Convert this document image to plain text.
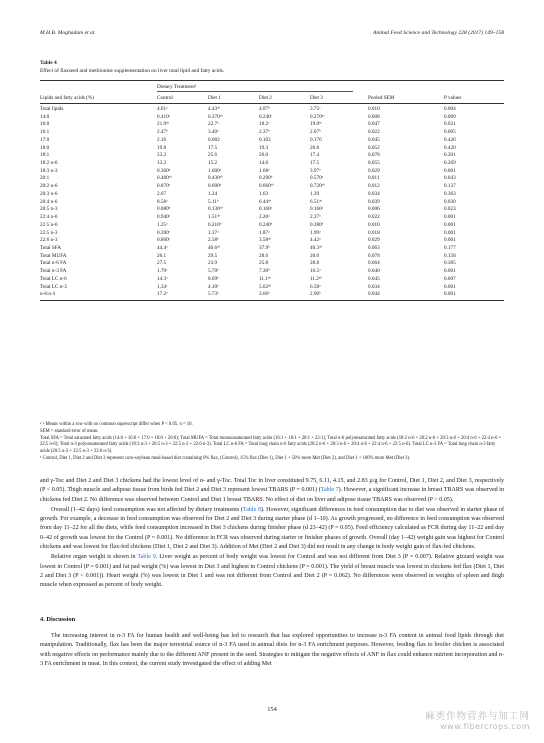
M.H.B. Moghadam et al.	Animal Feed Science and Technology 228 (2017) 149–158
Table 4
Effect of flaxseed and methionine supplementation on liver total lipid and fatty acids.
Dietary Treatment¹
Lipids and fatty acids (%)	Control	Diet 1	Diet 2	Diet 3	Pooled SEM	P values
Total lipids	4.61ᵃ	4.43ᵃᵇ	4.07ᵇ	3.75ᶜ	0.010	0.004
14:0	0.410ᵃ	0.370ᵃᵇ	0.240ᶜ	0.270ᵇᶜ	0.008	0.009
16:0	21.9ᵃᵇ	22.7ᵃ	18.2ᶜ	19.0ᵇᶜ	0.047	0.021
16:1	2.47ᵇ	3.40ᵃ	2.37ᵇ	2.07ᵇ	0.022	0.005
17:0	2.16	0.082	0.102	0.176	0.045	0.426
18:0	19.8	17.5	19.3	20.8	0.052	0.420
18:1	23.2	25.6	26.0	17.4	0.078	0.201
18:2 n-6	13.2	15.2	14.6	17.5	0.055	0.269
18:3 n-3	0.360ᵇ	1.600ᵃ	1.68ᵃ	3.97ᵃ	0.029	0.001
20:1	0.480ᵃᵇ	0.430ᵃᵇ	0.290ᵇ	0.570ᵃ	0.011	0.043
20:2 n-6	0.870ᵃ	0.600ᵇ	0.660ᵃᵇ	0.720ᵃᵇ	0.012	0.137
20:3 n-6	2.67	1.24	1.63	1.39	0.034	0.363
20:4 n-6	8.58ᵃ	5.11ᵇ	6.44ᵃᵇ	6.51ᵃᵇ	0.039	0.030
20:5 n-3	0.080ᵇ	0.130ᵃᵇ	0.160ᵃ	0.160ᵃ	0.006	0.023
22:4 n-6	0.940ᵃ	1.51ᵃᵇ	2.20ᵃ	2.37ᵃ	0.022	0.001
22:5 n-6	1.25ᵃ	0.210ᵇ	0.240ᵇ	0.280ᵇ	0.010	0.001
22:5 n-3	0.390ᶜ	1.37ᵃ	1.87ᵃ	1.99ᵃ	0.018	0.001
22:6 n-3	0.860ᶜ	2.58ᵇ	3.58ᵃᵇ	4.42ᵃ	0.029	0.001
Total SFA	44.4ᵃ	40.6ᵃᵇ	37.9ᵇ	40.3ᵃᵇ	0.063	0.177
Total MUFA	26.1	29.5	28.6	20.0	0.078	0.158
Total n-6 FA	27.5	23.9	25.8	28.8	0.064	0.385
Total n-3 FA	1.70ᶜ	5.70ᵇ	7.30ᵇ	10.5ᵃ	0.040	0.001
Total LC n-6	14.3ᵃ	8.69ᵇ	11.1ᵃᵇ	11.2ᵃᵇ	0.045	0.007
Total LC n-3	1.34ᶜ	4.10ᵇ	5.62ᵃᵇ	6.58ᵃ	0.034	0.001
n-6:n-3	17.2ᵃ	5.73ᵇ	3.66ᵇ	2.90ᵇ	0.044	0.001

ᵃ˒ᵇ Means within a row with no common superscript differ when P < 0.05. n = 10.

SEM = standard error of mean.

Total SFA = Total saturated fatty acids (14:0 + 16:0 + 17:0 + 18:0 + 20:0); Total MUFA = Total monounsaturated fatty acids (16:1 + 18:1 + 20:1 + 22:1); Total n-6 polyunsaturated fatty acids (18:2 n-6 + 20:2 n-6 + 20:3 n-6 + 20:4 n-6 + 22:4 n-6 + 22:5 n-6); Total n-3 polyunsaturated fatty acids (18:3 n-3 + 20:5 n-3 + 22:5 n-3 + 22:6 n-3). Total LC n-6 FA = Total long chain n-6 fatty acids (20:2 n-6 + 20:3 n-6 + 20:4 n-6 + 22:4 n-6 + 22:5 n-6). Total LC n-3 FA = Total long chain n-3 fatty acids (20:5 n-3 + 22:5 n-3 + 22:6 n-3).

¹ Control, Diet 1, Diet 2 and Diet 3 represent corn-soybean meal-based diet containing 0% flax, (Control), 15% flax (Diet 1), Diet 1 + 50% more Met (Diet 2), and Diet 1 + 100% more Met (Diet 3).

and γ-Toc and Diet 2 and Diet 3 chickens had the lowest level of α- and γ-Toc. Total Toc in liver constituted 9.75, 6.11, 4.15, and 2.83 µ/g for Control, Diet 1, Diet 2, and Diet 3, respectively (P < 0.05). Thigh muscle and adipose tissue from birds fed Diet 2 and Diet 3 represent lowest TBARS (P = 0.001) (Table 7). However, a significant increase in breast TBARS was observed in chickens fed Diet 2. No difference was observed between Control and Diet 1 breast TBARS. No effect of diet on liver and adipose tissue TBARS was observed (P > 0.05).

Overall (1–42 days) feed consumption was not affected by dietary treatments (Table 8). However, significant differences in feed consumption due to diet was observed in starter phase of growth. For example, a decrease in feed consumption was observed for Diet 2 and Diet 3 during starter phase (d 1–10). As growth progressed, no difference in feed consumption was observed from day 11–22 for all the diets, while feed consumption increased in Diet 3 chickens during finisher phase (d 23–42) (P = 0.05). Feed efficiency calculated as FCR during day 11–22 and day 0–42 of growth was lowest for the Control (P = 0.001). No difference in FCR was observed during starter or finisher phases of growth. Overall (day 1–42) weight gain was highest for Control chickens and was lowest for flax-fed chickens (Diet 1, Diet 2 and Diet 3). Addition of Met (Diet 2 and Diet 3) did not result in any change in body weight gain of flax-fed chickens.

Relative organ weight is shown in Table 9. Liver weight as percent of body weight was lowest for Control and was not different from Diet 3 (P = 0.007). Relative gizzard weight was lowest in Control (P = 0.001) and fat pad weight (%) was lowest in Diet 3 and highest in Control chickens (P = 0.001). The yield of breast muscle was lowest in chickens fed flax (Diet 1, Diet 2 and Diet 3 (P < 0.001)). Heart weight (%) was lowest in Diet 1 and was not different from Control and Diet 2 (P = 0.062). No differences were observed in weights of spleen and thigh muscle when expressed as percent of body weight.

4. Discussion

The increasing interest in n-3 FA for human health and well-being has led to research that has explored opportunities to increase n-3 FA content in animal food lipids through diet manipulation. Traditionally, flax has been the major terrestrial source of n-3 FA used in animal diets for n-3 FA enrichment purposes. However, feeding flax to broiler chicken is associated with negative effects on performance mainly due to the different ANF present in the seed. Strategies to mitigate the negative effects of ANF in flax could enhance nutrient incorporation and n-3 FA enrichment in meat. In this context, the current study investigated the effect of adding Met

154
麻类作物营养与加工网
www.fibercrops.com
